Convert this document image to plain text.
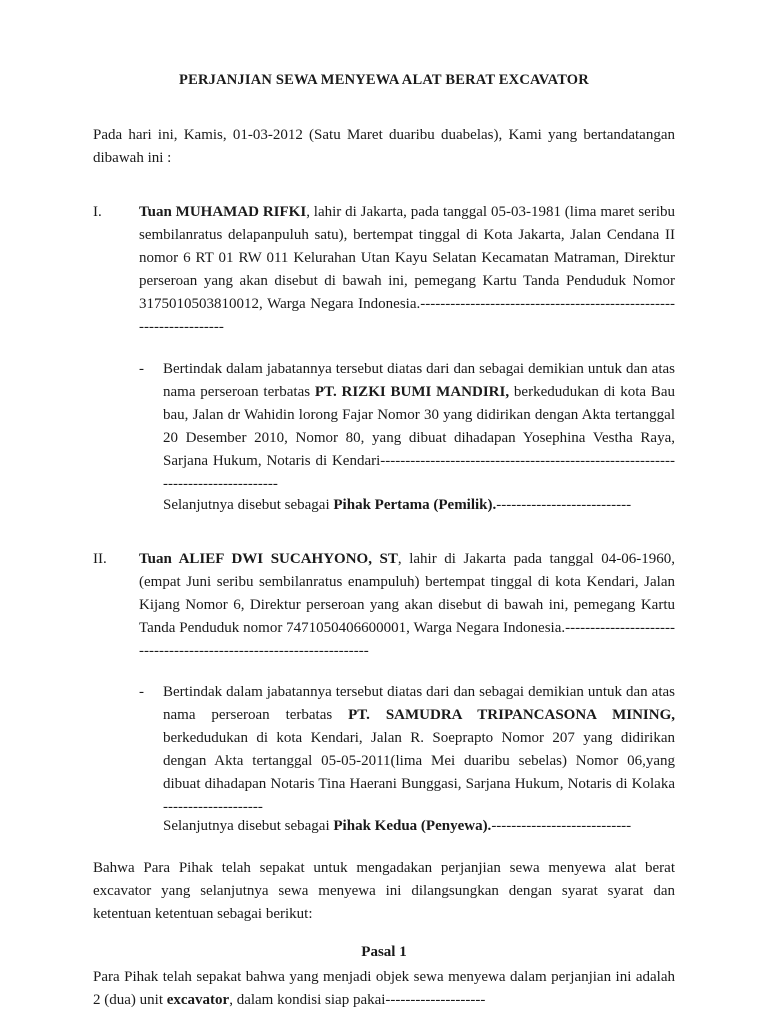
PERJANJIAN SEWA MENYEWA ALAT BERAT EXCAVATOR
Pada hari ini, Kamis, 01-03-2012 (Satu Maret duaribu duabelas), Kami yang bertandatangan dibawah ini :
I. Tuan MUHAMAD RIFKI, lahir di Jakarta, pada tanggal 05-03-1981 (lima maret seribu sembilanratus delapanpuluh satu), bertempat tinggal di Kota Jakarta, Jalan Cendana II nomor 6 RT 01 RW 011 Kelurahan Utan Kayu Selatan Kecamatan Matraman, Direktur perseroan yang akan disebut di bawah ini, pemegang Kartu Tanda Penduduk Nomor 3175010503810012, Warga Negara Indonesia.--------------------------------------------------------------------
- Bertindak dalam jabatannya tersebut diatas dari dan sebagai demikian untuk dan atas nama perseroan terbatas PT. RIZKI BUMI MANDIRI, berkedudukan di kota Bau bau, Jalan dr Wahidin lorong Fajar Nomor 30 yang didirikan dengan Akta tertanggal 20 Desember 2010, Nomor 80, yang dibuat dihadapan Yosephina Vestha Raya, Sarjana Hukum, Notaris di Kendari----------------------------------------------------------------------------------
Selanjutnya disebut sebagai Pihak Pertama (Pemilik).---------------------------
II. Tuan ALIEF DWI SUCAHYONO, ST, lahir di Jakarta pada tanggal 04-06-1960, (empat Juni seribu sembilanratus enampuluh) bertempat tinggal di kota Kendari, Jalan Kijang Nomor 6, Direktur perseroan yang akan disebut di bawah ini, pemegang Kartu Tanda Penduduk nomor 7471050406600001, Warga Negara Indonesia.--------------------------------------------------------------------
- Bertindak dalam jabatannya tersebut diatas dari dan sebagai demikian untuk dan atas nama perseroan terbatas PT. SAMUDRA TRIPANCASONA MINING, berkedudukan di kota Kendari, Jalan R. Soeprapto Nomor 207 yang didirikan dengan Akta tertanggal 05-05-2011(lima Mei duaribu sebelas) Nomor 06,yang dibuat dihadapan Notaris Tina Haerani Bunggasi, Sarjana Hukum, Notaris di Kolaka --------------------
Selanjutnya disebut sebagai Pihak Kedua (Penyewa).----------------------------
Bahwa Para Pihak telah sepakat untuk mengadakan perjanjian sewa menyewa alat berat excavator yang selanjutnya sewa menyewa ini dilangsungkan dengan syarat syarat dan ketentuan ketentuan sebagai berikut:
Pasal 1
Para Pihak telah sepakat bahwa yang menjadi objek sewa menyewa dalam perjanjian ini adalah 2 (dua) unit excavator, dalam kondisi siap pakai--------------------
